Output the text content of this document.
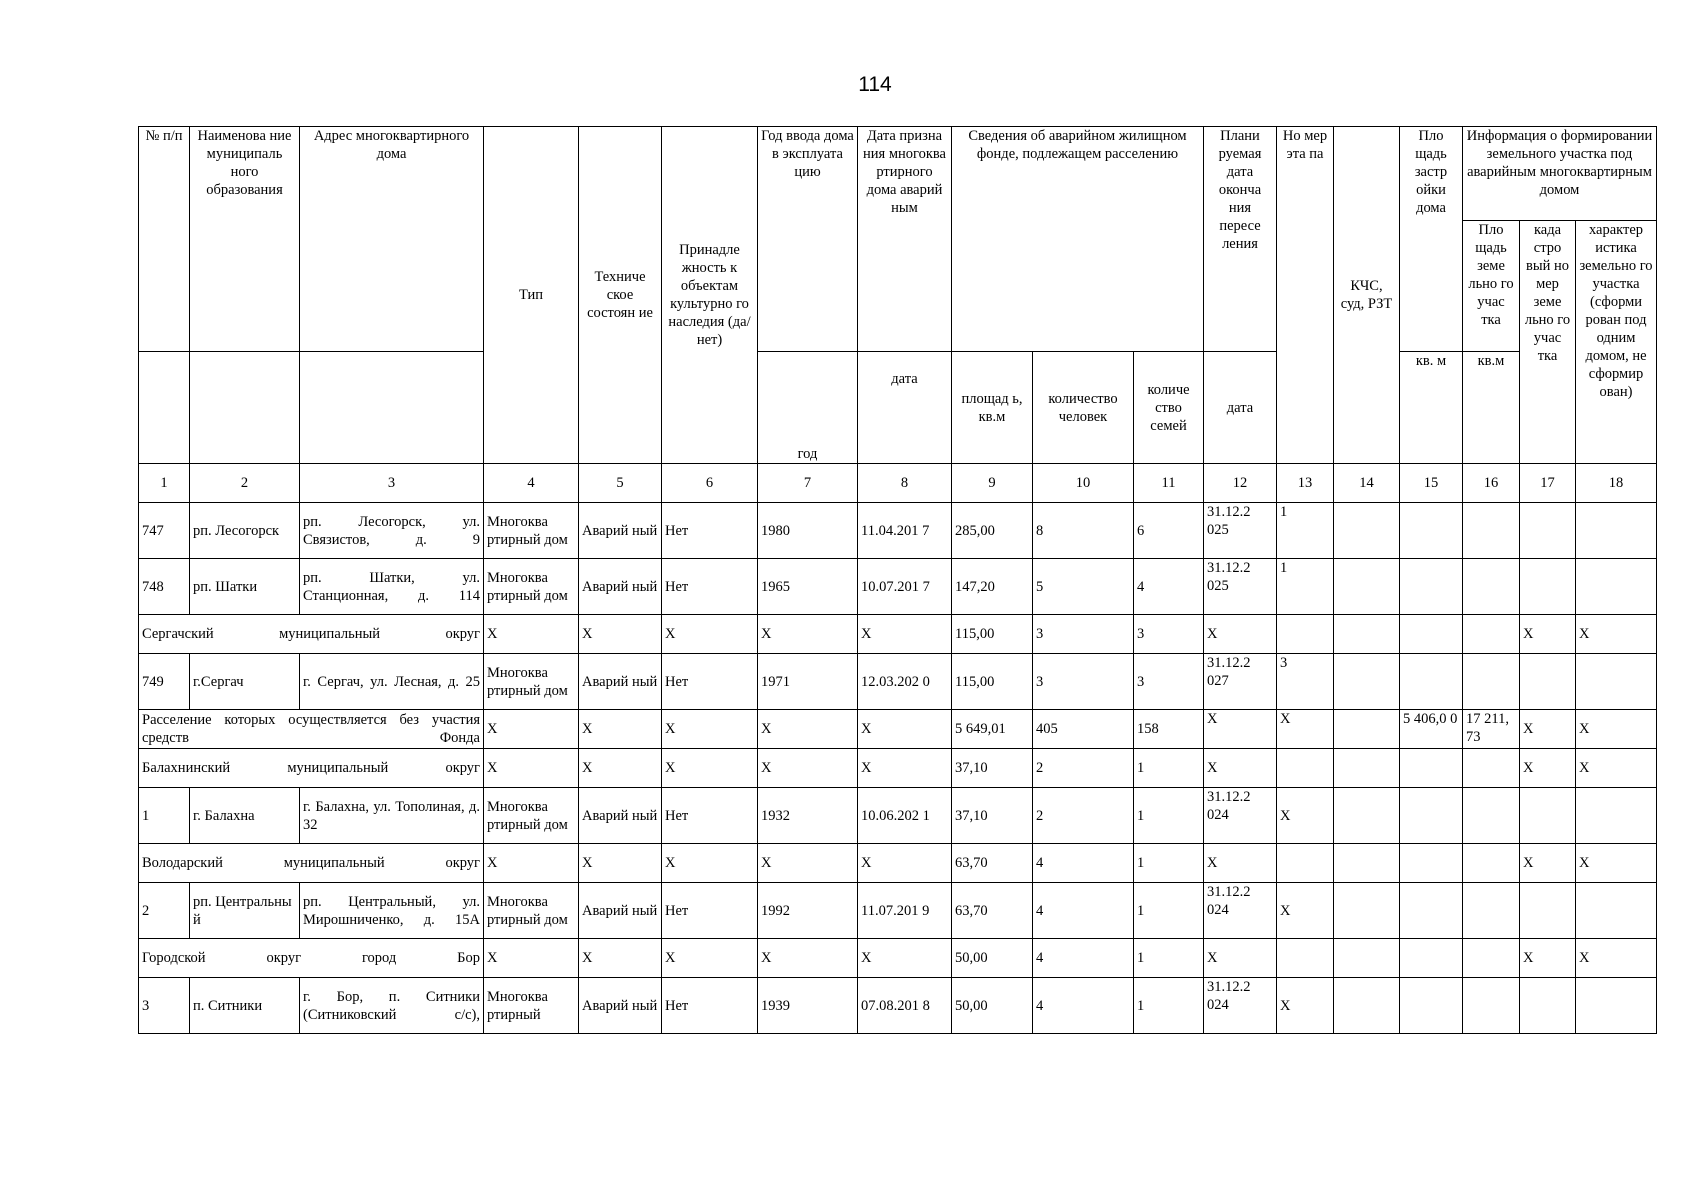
114
№ п/п	Наименова ние муниципаль ного образования	Адрес многоквартирного дома	Тип	Техниче ское состоян ие	Принадле жность к объектам культурно го наследия (да/нет)	Год ввода дома в эксплуата цию	Дата призна ния многоква ртирного дома аварий ным	Сведения об аварийном жилищном фонде, подлежащем расселению			Плани руемая дата оконча ния пересе ления	Но мер эта па	КЧС, суд, РЗТ	Пло щадь застр ойки дома	Информация о формировании земельного участка под аварийным многоквартирным домом		
															Пло щадь земе льно го учас тка	када стро вый но мер земе льно го учас тка	характер истика земельно го участка (сформи рован под одним домом, не сформир ован)
						год	дата	площад ь, кв.м	количество человек	количе ство семей	дата			кв. м	кв.м		
1	2	3	4	5	6	7	8	9	10	11	12	13	14	15	16	17	18
747	рп. Лесогорск	рп. Лесогорск, ул. Связистов, д. 9	Многоква ртирный дом	Аварий ный	Нет	1980	11.04.201 7	285,00	8	6	31.12.2 025	1					
748	рп. Шатки	рп. Шатки, ул. Станционная, д. 114	Многоква ртирный дом	Аварий ный	Нет	1965	10.07.201 7	147,20	5	4	31.12.2 025	1					
Сергачский муниципальный округ			X	X	X	X	X	115,00	3	3	X					X	X
749	г.Сергач	г. Сергач, ул. Лесная, д. 25	Многоква ртирный дом	Аварий ный	Нет	1971	12.03.202 0	115,00	3	3	31.12.2 027	3					
Расселение которых осуществляется без участия средств Фонда			X	X	X	X	X	5 649,01	405	158	X	X		5 406,0 0	17 211, 73	X	X
Балахнинский муниципальный округ			X	X	X	X	X	37,10	2	1	X					X	X
1	г. Балахна	г. Балахна, ул. Тополиная, д. 32	Многоква ртирный дом	Аварий ный	Нет	1932	10.06.202 1	37,10	2	1	31.12.2 024	X					
Володарский муниципальный округ			X	X	X	X	X	63,70	4	1	X					X	X
2	рп. Центральны й	рп. Центральный, ул. Мирошниченко, д. 15А	Многоква ртирный дом	Аварий ный	Нет	1992	11.07.201 9	63,70	4	1	31.12.2 024	X					
Городской округ город Бор			X	X	X	X	X	50,00	4	1	X					X	X
3	п. Ситники	г. Бор, п. Ситники (Ситниковский с/с),	Многоква ртирный	Аварий ный	Нет	1939	07.08.201 8	50,00	4	1	31.12.2 024	X					
